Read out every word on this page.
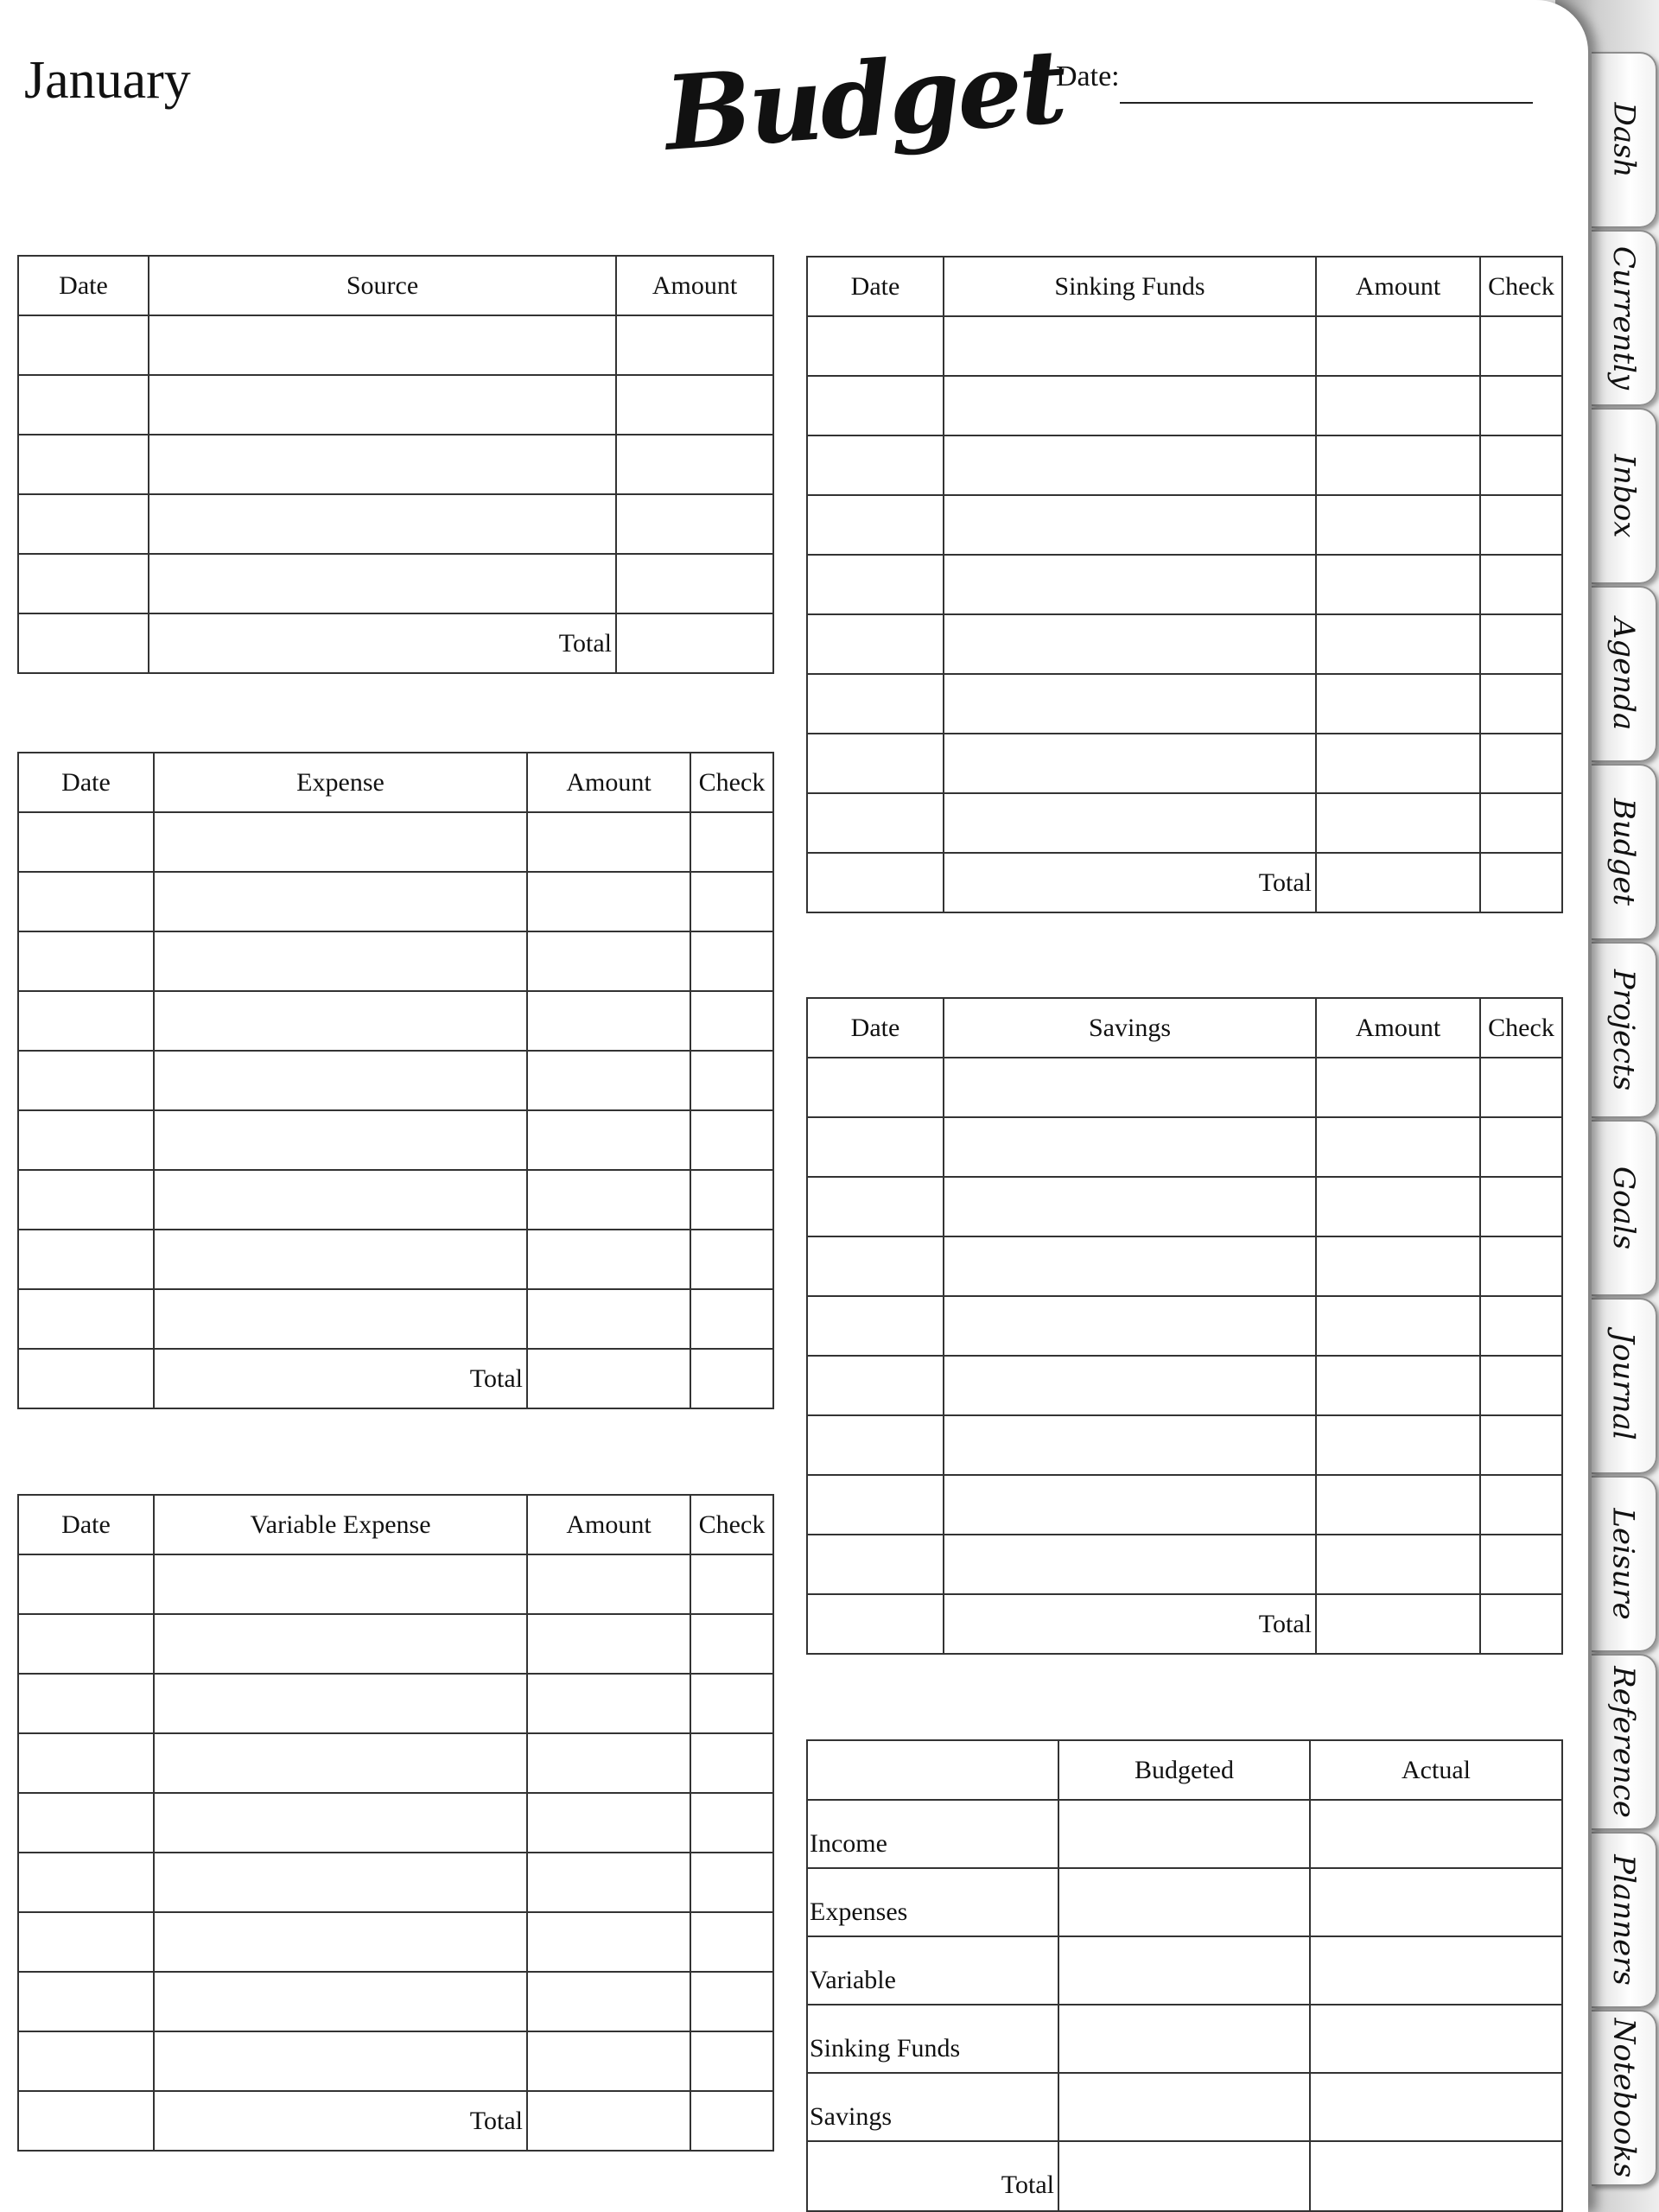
Dash
Currently
Inbox
Agenda
Budget
Projects
Goals
Journal
Leisure
Reference
Planners
Notebooks
January	Budget
Date:
Date	Source	Amount

	Total	
Date	Expense	Amount	Check

	Total		
Date	Variable Expense	Amount	Check

	Total		
Date	Sinking Funds	Amount	Check

	Total		
Date	Savings	Amount	Check

	Total		
	Budgeted	Actual
Income		
Expenses		
Variable		
Sinking Funds		
Savings		
Total		
